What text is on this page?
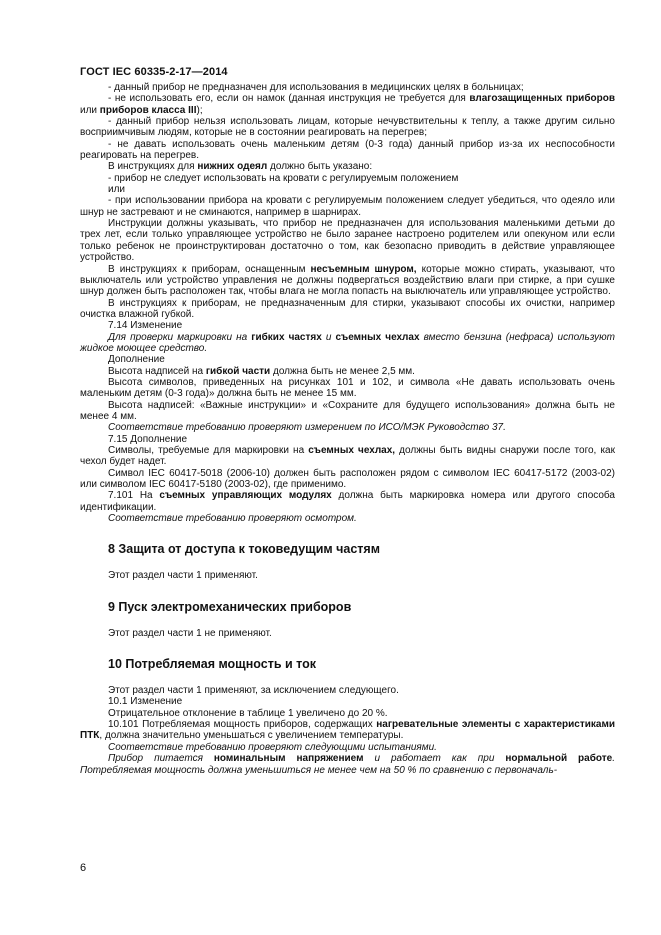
ГОСТ IEC 60335-2-17—2014

- данный прибор не предназначен для использования в медицинских целях в больницах;

- не использовать его, если он намок (данная инструкция не требуется для влагозащищенных приборов или приборов класса III);

- данный прибор нельзя использовать лицам, которые нечувствительны к теплу, а также другим сильно восприимчивым людям, которые не в состоянии реагировать на перегрев;

- не давать использовать очень маленьким детям (0-3 года) данный прибор из-за их неспособности реагировать на перегрев.

В инструкциях для нижних одеял должно быть указано:

- прибор не следует использовать на кровати с регулируемым положением

или

- при использовании прибора на кровати с регулируемым положением следует убедиться, что одеяло или шнур не застревают и не сминаются, например в шарнирах.

Инструкции должны указывать, что прибор не предназначен для использования маленькими детьми до трех лет, если только управляющее устройство не было заранее настроено родителем или опекуном или если только ребенок не проинструктирован достаточно о том, как безопасно приводить в действие управляющее устройство.

В инструкциях к приборам, оснащенным несъемным шнуром, которые можно стирать, указывают, что выключатель или устройство управления не должны подвергаться воздействию влаги при стирке, а при сушке шнур должен быть расположен так, чтобы влага не могла попасть на выключатель или управляющее устройство.

В инструкциях к приборам, не предназначенным для стирки, указывают способы их очистки, например очистка влажной губкой.

7.14 Изменение

Для проверки маркировки на гибких частях и съемных чехлах вместо бензина (нефраса) используют жидкое моющее средство.

Дополнение

Высота надписей на гибкой части должна быть не менее 2,5 мм.

Высота символов, приведенных на рисунках 101 и 102, и символа «Не давать использовать очень маленьким детям (0-3 года)» должна быть не менее 15 мм.

Высота надписей: «Важные инструкции» и «Сохраните для будущего использования» должна быть не менее 4 мм.

Соответствие требованию проверяют измерением по ИСО/МЭК Руководство 37.

7.15 Дополнение

Символы, требуемые для маркировки на съемных чехлах, должны быть видны снаружи после того, как чехол будет надет.

Символ IEC 60417-5018 (2006-10) должен быть расположен рядом с символом IEC 60417-5172 (2003-02) или символом IEC 60417-5180 (2003-02), где применимо.

7.101 На съемных управляющих модулях должна быть маркировка номера или другого способа идентификации.

Соответствие требованию проверяют осмотром.

8 Защита от доступа к токоведущим частям

Этот раздел части 1 применяют.

9 Пуск электромеханических приборов

Этот раздел части 1 не применяют.

10 Потребляемая мощность и ток

Этот раздел части 1 применяют, за исключением следующего.

10.1 Изменение

Отрицательное отклонение в таблице 1 увеличено до 20 %.

10.101 Потребляемая мощность приборов, содержащих нагревательные элементы с характеристиками ПТК, должна значительно уменьшаться с увеличением температуры.

Соответствие требованию проверяют следующими испытаниями.

Прибор питается номинальным напряжением и работает как при нормальной работе. Потребляемая мощность должна уменьшиться не менее чем на 50 % по сравнению с первоначаль-

6
